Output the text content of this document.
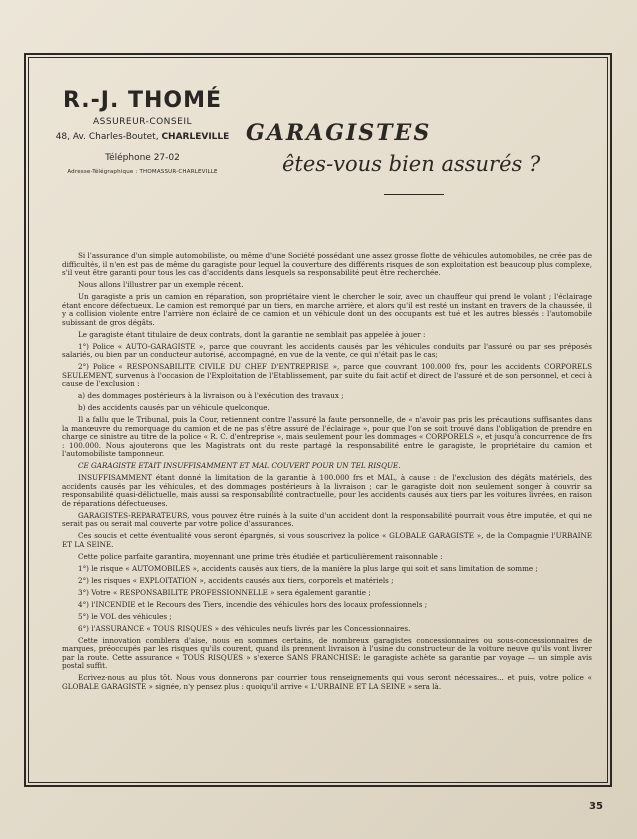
R.-J. THOMÉ
ASSUREUR-CONSEIL
48, Av. Charles-Boutet, CHARLEVILLE
Téléphone 27-02
Adresse-Télégraphique : THOMASSUR-CHARLEVILLE
GARAGISTES
êtes-vous bien assurés ?

Si l'assurance d'un simple automobiliste, ou même d'une Société possédant une assez grosse flotte de véhicules automobiles, ne crée pas de difficultés, il n'en est pas de même du garagiste pour lequel la couverture des différents risques de son exploitation est beaucoup plus complexe, s'il veut être garanti pour tous les cas d'accidents dans lesquels sa responsabilité peut être recherchée.

Nous allons l'illustrer par un exemple récent.

Un garagiste a pris un camion en réparation, son propriétaire vient le chercher le soir, avec un chauffeur qui prend le volant ; l'éclairage étant encore défectueux. Le camion est remorqué par un tiers, en marche arrière, et alors qu'il est resté un instant en travers de la chaussée, il y a collision violente entre l'arrière non éclairé de ce camion et un véhicule dont un des occupants est tué et les autres blessés : l'automobile subissant de gros dégâts.

Le garagiste étant titulaire de deux contrats, dont la garantie ne semblait pas appelée à jouer :

1°) Police « AUTO-GARAGISTE », parce que couvrant les accidents causés par les véhicules conduits par l'assuré ou par ses préposés salariés, ou bien par un conducteur autorisé, accompagné, en vue de la vente, ce qui n'était pas le cas;

2°) Police « RESPONSABILITE CIVILE DU CHEF D'ENTREPRISE », parce que couvrant 100.000 frs, pour les accidents CORPORELS SEULEMENT, survenus à l'occasion de l'Exploitation de l'Etablissement, par suite du fait actif et direct de l'assuré et de son personnel, et ceci à cause de l'exclusion :

a) des dommages postérieurs à la livraison ou à l'exécution des travaux ;

b) des accidents causés par un véhicule quelconque.

Il a fallu que le Tribunal, puis la Cour, retiennent contre l'assuré la faute personnelle, de « n'avoir pas pris les précautions suffisantes dans la manœuvre du remorquage du camion et de ne pas s'être assuré de l'éclairage », pour que l'on se soit trouvé dans l'obligation de prendre en charge ce sinistre au titre de la police « R. C. d'entreprise », mais seulement pour les dommages « CORPORELS », et jusqu'à concurrence de frs : 100.000. Nous ajouterons que les Magistrats ont du reste partagé la responsabilité entre le garagiste, le propriétaire du camion et l'automobiliste tamponneur.

CE GARAGISTE ETAIT INSUFFISAMMENT ET MAL COUVERT POUR UN TEL RISQUE.

INSUFFISAMMENT étant donné la limitation de la garantie à 100.000 frs et MAL, à cause : de l'exclusion des dégâts matériels, des accidents causés par les véhicules, et des dommages postérieurs à la livraison ; car le garagiste doit non seulement songer à couvrir sa responsabilité quasi-délictuelle, mais aussi sa responsabilité contractuelle, pour les accidents causés aux tiers par les voitures livrées, en raison de réparations défectueuses.

GARAGISTES-REPARATEURS, vous pouvez être ruinés à la suite d'un accident dont la responsabilité pourrait vous être imputée, et qui ne serait pas ou serait mal couverte par votre police d'assurances.

Ces soucis et cette éventualité vous seront épargnés, si vous souscrivez la police « GLOBALE GARAGISTE », de la Compagnie l'URBAINE ET LA SEINE.

Cette police parfaite garantira, moyennant une prime très étudiée et particulièrement raisonnable :

1°) le risque « AUTOMOBILES », accidents causés aux tiers, de la manière la plus large qui soit et sans limitation de somme ;

2°) les risques « EXPLOITATION », accidents causés aux tiers, corporels et matériels ;

3°) Votre « RESPONSABILITE PROFESSIONNELLE » sera également garantie ;

4°) l'INCENDIE et le Recours des Tiers, incendie des véhicules hors des locaux professionnels ;

5°) le VOL des véhicules ;

6°) l'ASSURANCE « TOUS RISQUES » des véhicules neufs livrés par les Concessionnaires.

Cette innovation comblera d'aise, nous en sommes certains, de nombreux garagistes concessionnaires ou sous-concessionnaires de marques, préoccupés par les risques qu'ils courent, quand ils prennent livraison à l'usine du constructeur de la voiture neuve qu'ils vont livrer par la route. Cette assurance « TOUS RISQUES » s'exerce SANS FRANCHISE: le garagiste achète sa garantie par voyage — un simple avis postal suffit.

Ecrivez-nous au plus tôt. Nous vous donnerons par courrier tous renseignements qui vous seront nécessaires... et puis, votre police « GLOBALE GARAGISTE » signée, n'y pensez plus : quoiqu'il arrive « L'URBAINE ET LA SEINE » sera là.

35
